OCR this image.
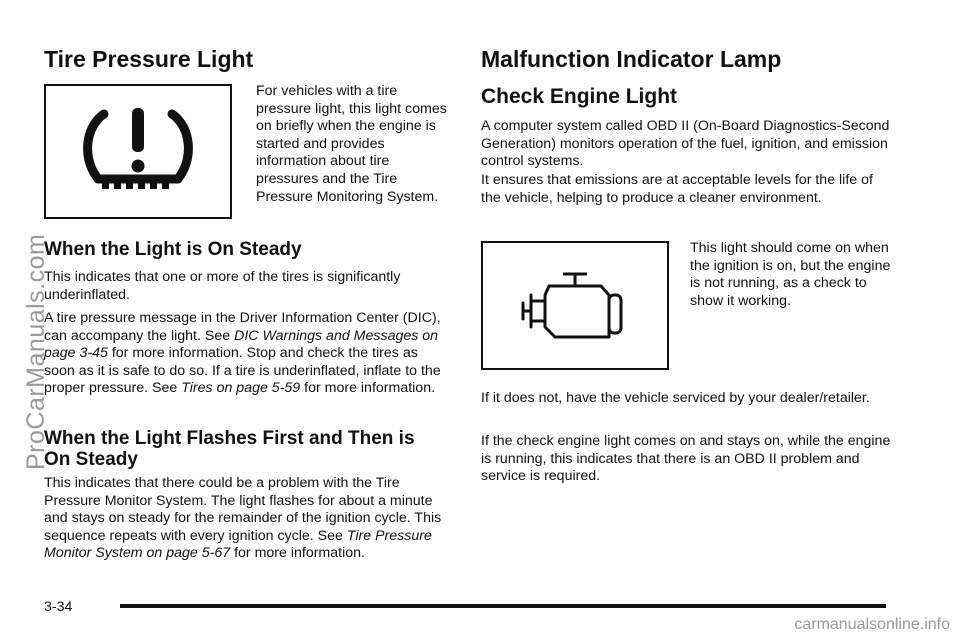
Tire Pressure Light

For vehicles with a tire pressure light, this light comes on briefly when the engine is started and provides information about tire pressures and the Tire Pressure Monitoring System.

When the Light is On Steady

This indicates that one or more of the tires is significantly underinflated.

A tire pressure message in the Driver Information Center (DIC), can accompany the light. See DIC Warnings and Messages on page 3-45 for more information. Stop and check the tires as soon as it is safe to do so. If a tire is underinflated, inflate to the proper pressure. See Tires on page 5-59 for more information.

When the Light Flashes First and Then is
On Steady

This indicates that there could be a problem with the Tire Pressure Monitor System. The light flashes for about a minute and stays on steady for the remainder of the ignition cycle. This sequence repeats with every ignition cycle. See Tire Pressure Monitor System on page 5-67 for more information.

Malfunction Indicator Lamp
Check Engine Light

A computer system called OBD II (On-Board Diagnostics-Second Generation) monitors operation of the fuel, ignition, and emission control systems.

It ensures that emissions are at acceptable levels for the life of the vehicle, helping to produce a cleaner environment.

This light should come on when the ignition is on, but the engine is not running, as a check to show it working.

If it does not, have the vehicle serviced by your dealer/retailer.

If the check engine light comes on and stays on, while the engine is running, this indicates that there is an OBD II problem and service is required.

ProCarManuals.com
3-34
carmanualsonline.info
